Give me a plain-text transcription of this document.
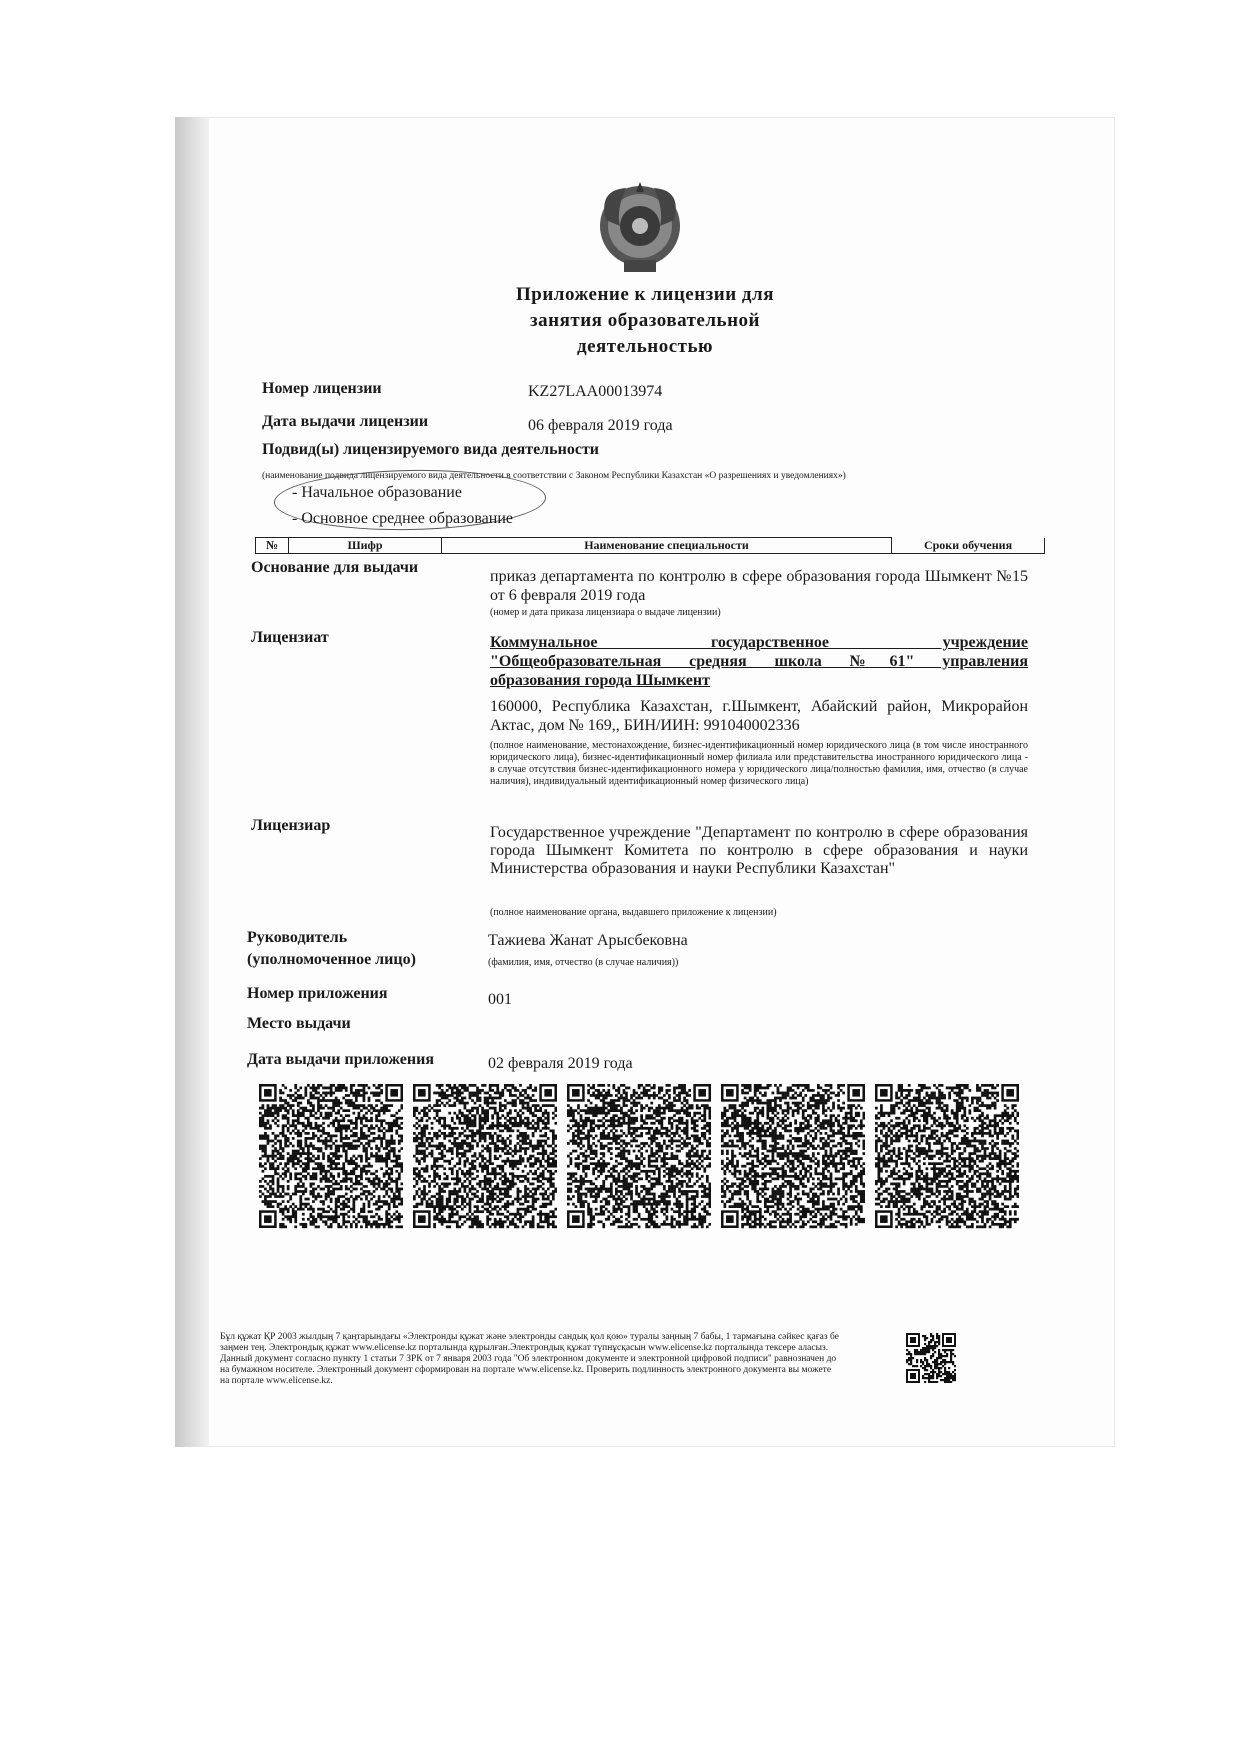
Приложение к лицензии для
занятия образовательной
деятельностью
Номер лицензии	KZ27LAA00013974
Дата выдачи лицензии	06 февраля 2019 года
Подвид(ы) лицензируемого вида деятельности
(наименование подвида лицензируемого вида деятельности в соответствии с Законом Республики Казахстан «О разрешениях и уведомлениях»)
- Начальное образование
- Основное среднее образование
№	Шифр	Наименование специальности	Сроки обучения
Основание для выдачи
приказ департамента по контролю в сфере образования города Шымкент №15 от 6 февраля 2019 года
(номер и дата приказа лицензиара о выдаче лицензии)
Лицензиат	Коммунальное государственное учреждение
"Общеобразовательная средняя школа №61" управления
образования города Шымкент
160000, Республика Казахстан, г.Шымкент, Абайский район, Микрорайон Актас, дом № 169,, БИН/ИИН: 991040002336
(полное наименование, местонахождение, бизнес-идентификационный номер юридического лица (в том числе иностранного юридического лица), бизнес-идентификационный номер филиала или представительства иностранного юридического лица - в случае отсутствия бизнес-идентификационного номера у юридического лица/полностью фамилия, имя, отчество (в случае наличия), индивидуальный идентификационный номер физического лица)
Лицензиар	Государственное учреждение "Департамент по контролю в сфере образования города Шымкент Комитета по контролю в сфере образования и науки Министерства образования и науки Республики Казахстан"
(полное наименование органа, выдавшего приложение к лицензии)
Руководитель
(уполномоченное лицо)
Тажиева Жанат Арысбековна
(фамилия, имя, отчество (в случае наличия))
Номер приложения	001
Место выдачи
Дата выдачи приложения	02 февраля 2019 года
Бұл құжат ҚР 2003 жылдың 7 қаңтарындағы «Электронды құжат және электронды сандық қол қою» туралы заңның 7 бабы, 1 тармағына сәйкес қағаз бе
заңмен тең. Электрондық құжат www.elicense.kz порталында құрылған.Электрондық құжат түпнұсқасын www.elicense.kz порталында тексере аласыз.
Данный документ согласно пункту 1 статьи 7 ЗРК от 7 января 2003 года "Об электронном документе и электронной цифровой подписи" равнозначен до
на бумажном носителе. Электронный документ сформирован на портале www.elicense.kz. Проверить подлинность электронного документа вы можете
на портале www.elicense.kz.
